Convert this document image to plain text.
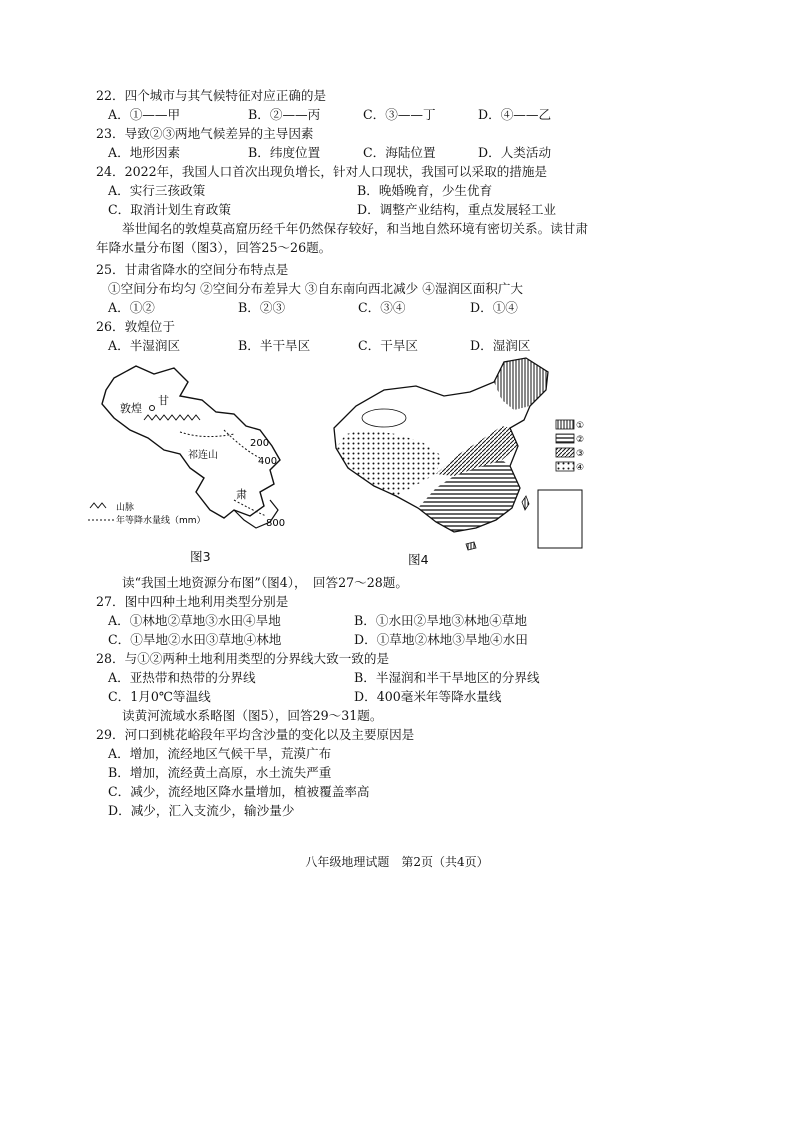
22．四个城市与其气候特征对应正确的是
A．①——甲	B．②——丙	C．③——丁	D．④——乙
23．导致②③两地气候差异的主导因素
A．地形因素	B．纬度位置	C．海陆位置	D．人类活动
24．2022年，我国人口首次出现负增长，针对人口现状，我国可以采取的措施是
A．实行三孩政策	B．晚婚晚育，少生优育
C．取消计划生育政策	D．调整产业结构，重点发展轻工业
举世闻名的敦煌莫高窟历经千年仍然保存较好，和当地自然环境有密切关系。读甘肃
年降水量分布图（图3），回答25～26题。
25．甘肃省降水的空间分布特点是
①空间分布均匀 ②空间分布差异大 ③自东南向西北减少 ④湿润区面积广大
A．①②	B．②③	C．③④	D．①④
26．敦煌位于
A．半湿润区	B．半干旱区	C．干旱区	D．湿润区
敦煌
甘
肃
祁连山
200
400
800
山脉
年等降水量线（mm）
图3
①
②
③
④
图4
读“我国土地资源分布图”（图4），　回答27～28题。
27．图中四种土地利用类型分别是
A．①林地②草地③水田④旱地	B．①水田②旱地③林地④草地
C．①旱地②水田③草地④林地	D．①草地②林地③旱地④水田
28．与①②两种土地利用类型的分界线大致一致的是
A．亚热带和热带的分界线	B．半湿润和半干旱地区的分界线
C．1月0℃等温线	D．400毫米年等降水量线
读黄河流域水系略图（图5），回答29～31题。
29．河口到桃花峪段年平均含沙量的变化以及主要原因是
A．增加，流经地区气候干旱，荒漠广布
B．增加，流经黄土高原，水土流失严重
C．减少，流经地区降水量增加，植被覆盖率高
D．减少，汇入支流少，输沙量少
八年级地理试题　第2页（共4页）
